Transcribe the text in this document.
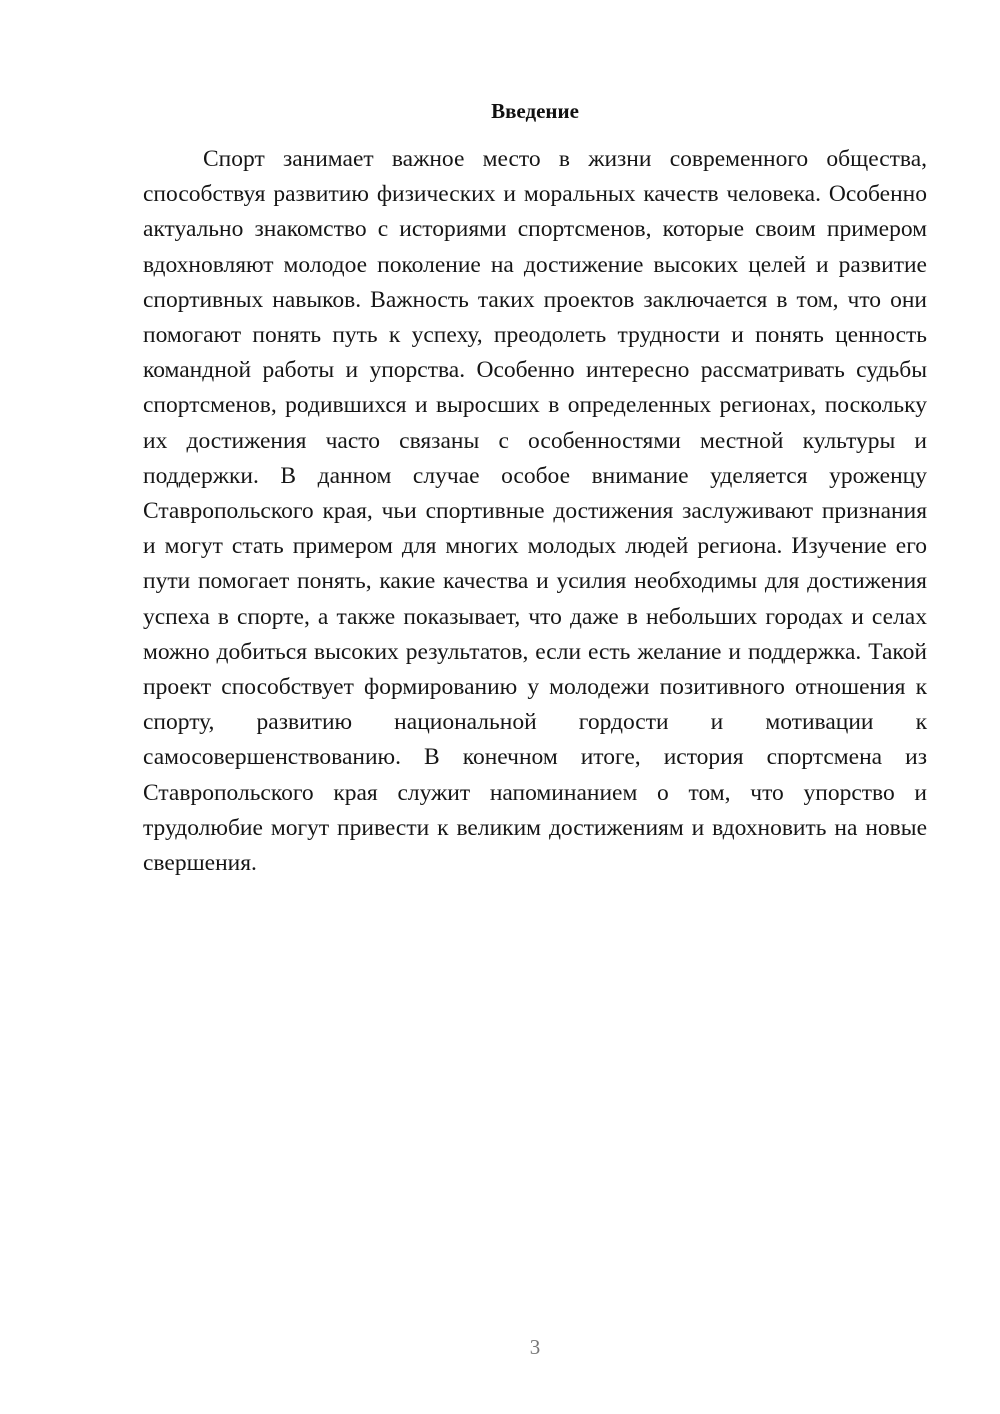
Введение

Спорт занимает важное место в жизни современного общества, способствуя развитию физических и моральных качеств человека. Особенно актуально знакомство с историями спортсменов, которые своим примером вдохновляют молодое поколение на достижение высоких целей и развитие спортивных навыков. Важность таких проектов заключается в том, что они помогают понять путь к успеху, преодолеть трудности и понять ценность командной работы и упорства. Особенно интересно рассматривать судьбы спортсменов, родившихся и выросших в определенных регионах, поскольку их достижения часто связаны с особенностями местной культуры и поддержки. В данном случае особое внимание уделяется уроженцу Ставропольского края, чьи спортивные достижения заслуживают признания и могут стать примером для многих молодых людей региона. Изучение его пути помогает понять, какие качества и усилия необходимы для достижения успеха в спорте, а также показывает, что даже в небольших городах и селах можно добиться высоких результатов, если есть желание и поддержка. Такой проект способствует формированию у молодежи позитивного отношения к спорту, развитию национальной гордости и мотивации к самосовершенствованию. В конечном итоге, история спортсмена из Ставропольского края служит напоминанием о том, что упорство и трудолюбие могут привести к великим достижениям и вдохновить на новые свершения.

3
